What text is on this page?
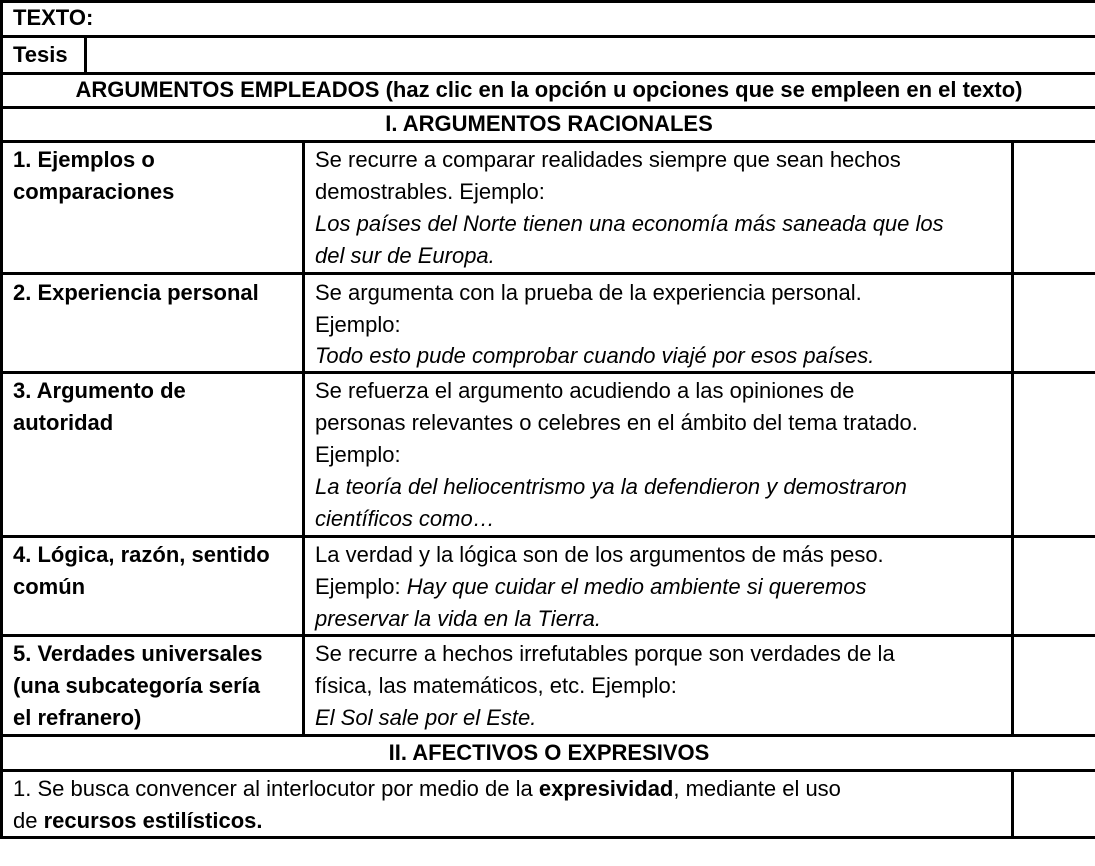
TEXTO:
Tesis
ARGUMENTOS EMPLEADOS (haz clic en la opción u opciones que se empleen en el texto)
I. ARGUMENTOS RACIONALES
1. Ejemplos o
comparaciones
Se recurre a comparar realidades siempre que sean hechos
demostrables. Ejemplo:
Los países del Norte tienen una economía más saneada que los
del sur de Europa.
2. Experiencia personal	Se argumenta con la prueba de la experiencia personal.
Ejemplo:
Todo esto pude comprobar cuando viajé por esos países.
3. Argumento de
autoridad
Se refuerza el argumento acudiendo a las opiniones de
personas relevantes o celebres en el ámbito del tema tratado.
Ejemplo:
La teoría del heliocentrismo ya la defendieron y demostraron
científicos como…
4. Lógica, razón, sentido
común
La verdad y la lógica son de los argumentos de más peso.
Ejemplo: Hay que cuidar el medio ambiente si queremos
preservar la vida en la Tierra.
5. Verdades universales
(una subcategoría sería
el refranero)
Se recurre a hechos irrefutables porque son verdades de la
física, las matemáticos, etc. Ejemplo:
El Sol sale por el Este.
II. AFECTIVOS O EXPRESIVOS
1. Se busca convencer al interlocutor por medio de la expresividad, mediante el uso
de recursos estilísticos.
